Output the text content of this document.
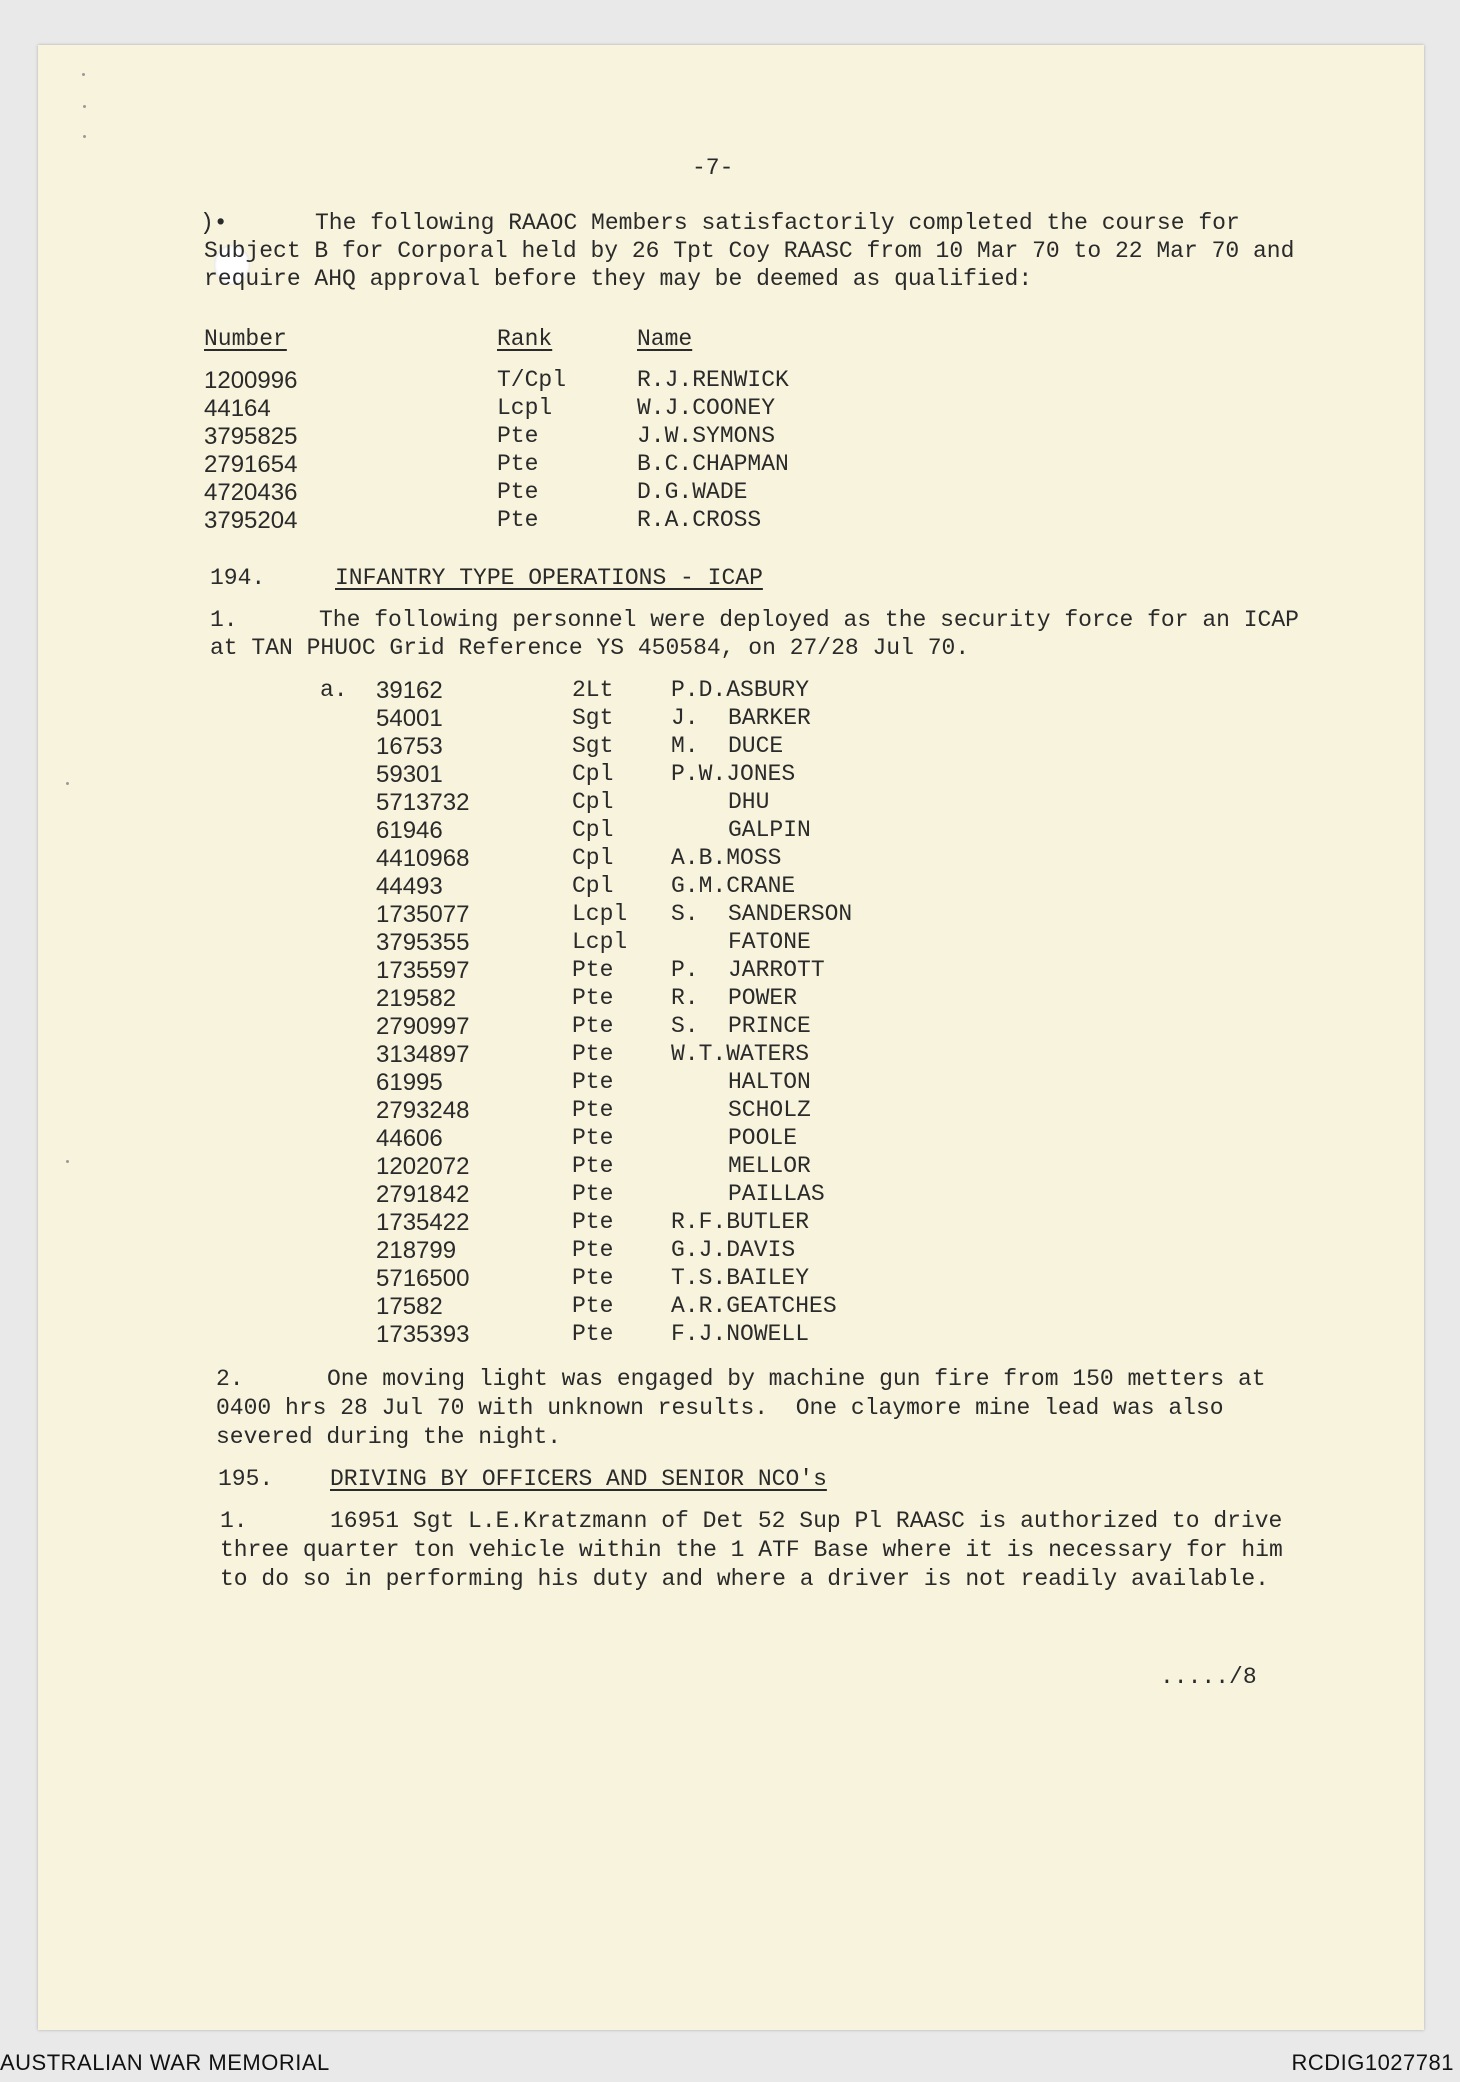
-7-
)•	The following RAAOC Members satisfactorily completed the course for
Subject B for Corporal held by 26 Tpt Coy RAASC from 10 Mar 70 to 22 Mar 70 and
require AHQ approval before they may be deemed as qualified:
Number	Rank	Name
1200996	T/Cpl	R.J.RENWICK
44164	Lcpl	W.J.COONEY
3795825	Pte	J.W.SYMONS
2791654	Pte	B.C.CHAPMAN
4720436	Pte	D.G.WADE
3795204	Pte	R.A.CROSS
194.	INFANTRY TYPE OPERATIONS - ICAP
1.	The following personnel were deployed as the security force for an ICAP
at TAN PHUOC Grid Reference YS 450584, on 27/28 Jul 70.
a. 39162	2Lt	P.D.ASBURY
54001	Sgt	J. BARKER
16753	Sgt	M. DUCE
59301	Cpl	P.W.JONES
5713732	Cpl	DHU
61946	Cpl	GALPIN
4410968	Cpl	A.B.MOSS
44493	Cpl	G.M.CRANE
1735077	Lcpl S. SANDERSON
3795355	Lcpl	FATONE
1735597	Pte	P. JARROTT
219582	Pte	R. POWER
2790997	Pte	S. PRINCE
3134897	Pte	W.T.WATERS
61995	Pte	HALTON
2793248	Pte	SCHOLZ
44606	Pte	POOLE
1202072	Pte	MELLOR
2791842	Pte	PAILLAS
1735422	Pte	R.F.BUTLER
218799	Pte	G.J.DAVIS
5716500	Pte	T.S.BAILEY
17582	Pte	A.R.GEATCHES
1735393	Pte	F.J.NOWELL
2.	One moving light was engaged by machine gun fire from 150 metters at
0400 hrs 28 Jul 70 with unknown results.  One claymore mine lead was also
severed during the night.
195. DRIVING BY OFFICERS AND SENIOR NCO's
1.	16951 Sgt L.E.Kratzmann of Det 52 Sup Pl RAASC is authorized to drive
three quarter ton vehicle within the 1 ATF Base where it is necessary for him
to do so in performing his duty and where a driver is not readily available.
...../8
AUSTRALIAN WAR MEMORIAL	RCDIG1027781
